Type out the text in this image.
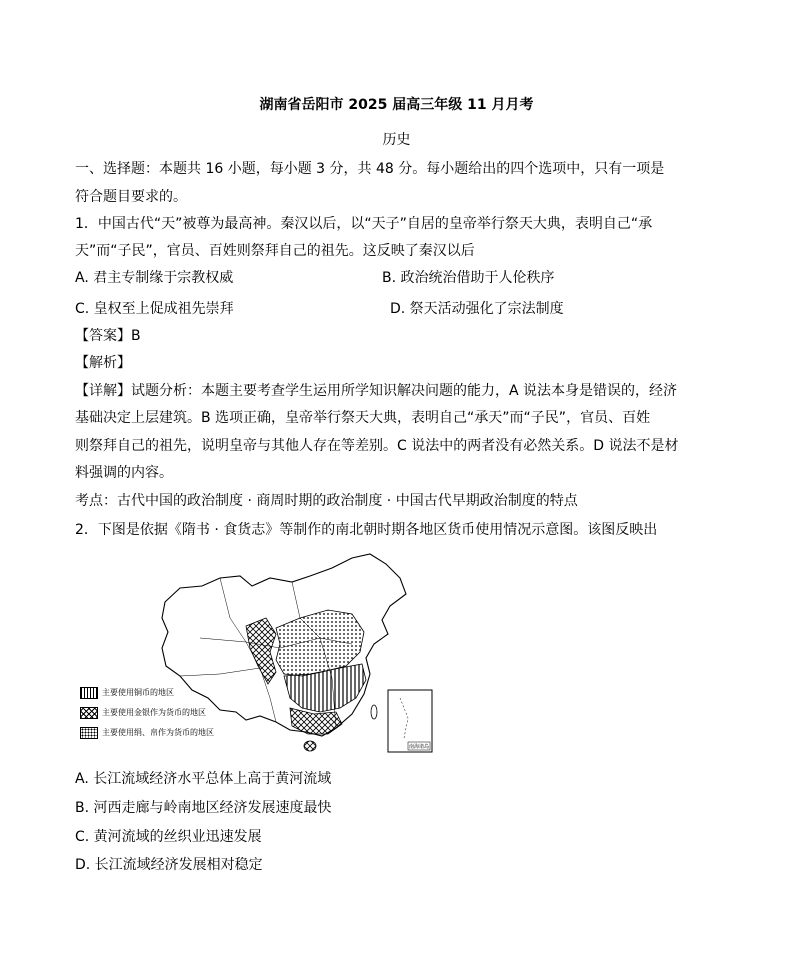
湖南省岳阳市 2025 届高三年级 11 月月考
历史
一、选择题：本题共 16 小题，每小题 3 分，共 48 分。每小题给出的四个选项中，只有一项是
符合题目要求的。
1．中国古代“天”被尊为最高神。秦汉以后，以“天子”自居的皇帝举行祭天大典，表明自己“承
天”而“子民”，官员、百姓则祭拜自己的祖先。这反映了秦汉以后
A. 君主专制缘于宗教权威	B. 政治统治借助于人伦秩序
C. 皇权至上促成祖先崇拜	D. 祭天活动强化了宗法制度
【答案】B
【解析】
【详解】试题分析：本题主要考查学生运用所学知识解决问题的能力，A 说法本身是错误的，经济
基础决定上层建筑。B 选项正确，皇帝举行祭天大典，表明自己“承天”而“子民”，官员、百姓
则祭拜自己的祖先，说明皇帝与其他人存在等差别。C 说法中的两者没有必然关系。D 说法不是材
料强调的内容。
考点：古代中国的政治制度 · 商周时期的政治制度 · 中国古代早期政治制度的特点
2．下图是依据《隋书 · 食货志》等制作的南北朝时期各地区货币使用情况示意图。该图反映出
主要使用铜币的地区
主要使用金银作为货币的地区
主要使用绢、帛作为货币的地区
南海诸岛
A. 长江流域经济水平总体上高于黄河流域
B. 河西走廊与岭南地区经济发展速度最快
C. 黄河流域的丝织业迅速发展
D. 长江流域经济发展相对稳定
